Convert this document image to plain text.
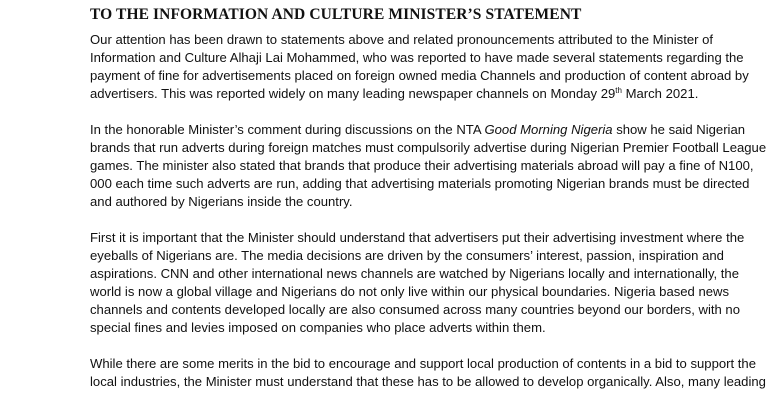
TO THE INFORMATION AND CULTURE MINISTER’S STATEMENT
Our attention has been drawn to statements above and related pronouncements attributed to the Minister of
Information and Culture Alhaji Lai Mohammed, who was reported to have made several statements regarding the
payment of fine for advertisements placed on foreign owned media Channels and production of content abroad by
advertisers. This was reported widely on many leading newspaper channels on Monday 29th March 2021.
In the honorable Minister’s comment during discussions on the NTA Good Morning Nigeria show he said Nigerian
brands that run adverts during foreign matches must compulsorily advertise during Nigerian Premier Football League
games. The minister also stated that brands that produce their advertising materials abroad will pay a fine of N100,
000 each time such adverts are run, adding that advertising materials promoting Nigerian brands must be directed
and authored by Nigerians inside the country.
First it is important that the Minister should understand that advertisers put their advertising investment where the
eyeballs of Nigerians are. The media decisions are driven by the consumers’ interest, passion, inspiration and
aspirations. CNN and other international news channels are watched by Nigerians locally and internationally, the
world is now a global village and Nigerians do not only live within our physical boundaries. Nigeria based news
channels and contents developed locally are also consumed across many countries beyond our borders, with no
special fines and levies imposed on companies who place adverts within them.
While there are some merits in the bid to encourage and support local production of contents in a bid to support the
local industries, the Minister must understand that these has to be allowed to develop organically. Also, many leading
